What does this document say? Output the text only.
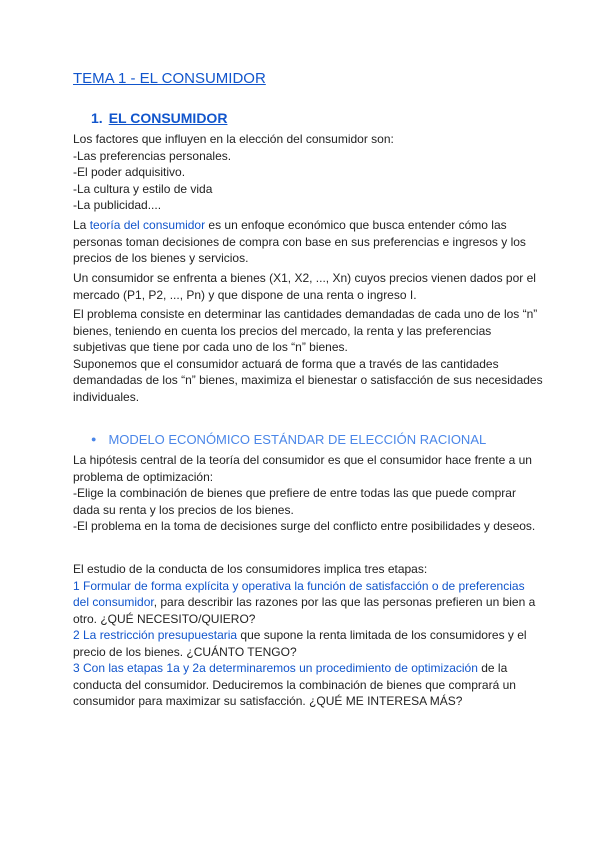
TEMA 1 - EL CONSUMIDOR
1. EL CONSUMIDOR

Los factores que influyen en la elección del consumidor son:

-Las preferencias personales.

-El poder adquisitivo.

-La cultura y estilo de vida

-La publicidad....

La teoría del consumidor es un enfoque económico que busca entender cómo las personas toman decisiones de compra con base en sus preferencias e ingresos y los precios de los bienes y servicios.

Un consumidor se enfrenta a bienes (X1, X2, ..., Xn) cuyos precios vienen dados por el mercado (P1, P2, ..., Pn) y que dispone de una renta o ingreso I.

El problema consiste en determinar las cantidades demandadas de cada uno de los “n” bienes, teniendo en cuenta los precios del mercado, la renta y las preferencias subjetivas que tiene por cada uno de los “n” bienes.

Suponemos que el consumidor actuará de forma que a través de las cantidades demandadas de los “n” bienes, maximiza el bienestar o satisfacción de sus necesidades individuales.

● MODELO ECONÓMICO ESTÁNDAR DE ELECCIÓN RACIONAL

La hipótesis central de la teoría del consumidor es que el consumidor hace frente a un problema de optimización:

-Elige la combinación de bienes que prefiere de entre todas las que puede comprar dada su renta y los precios de los bienes.

-El problema en la toma de decisiones surge del conflicto entre posibilidades y deseos.

El estudio de la conducta de los consumidores implica tres etapas:

1 Formular de forma explícita y operativa la función de satisfacción o de preferencias del consumidor, para describir las razones por las que las personas prefieren un bien a otro. ¿QUÉ NECESITO/QUIERO?

2 La restricción presupuestaria que supone la renta limitada de los consumidores y el precio de los bienes. ¿CUÁNTO TENGO?

3 Con las etapas 1a y 2a determinaremos un procedimiento de optimización de la conducta del consumidor. Deduciremos la combinación de bienes que comprará un consumidor para maximizar su satisfacción. ¿QUÉ ME INTERESA MÁS?
